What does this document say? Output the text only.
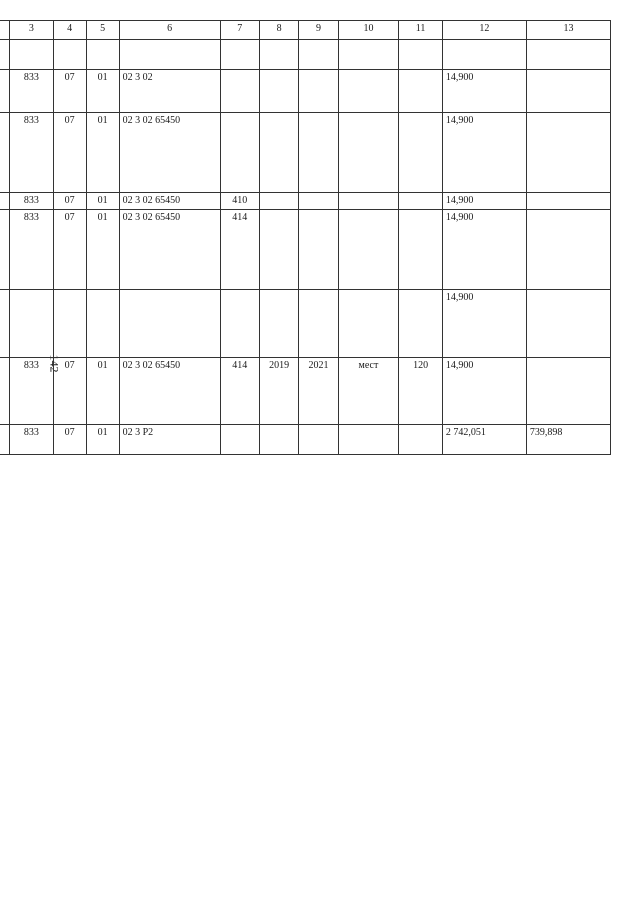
142
		3	4	5	6	7	8	9	10	11	12	13

		833	07	01	02 3 02						14,900	
		833	07	01	02 3 02 65450						14,900	
		833	07	01	02 3 02 65450	410					14,900	
		833	07	01	02 3 02 65450	414					14,900	
											14,900	
		833	07	01	02 3 02 65450	414	2019	2021	мест	120	14,900	
		833	07	01	02 3 Р2						2 742,051	739,898
